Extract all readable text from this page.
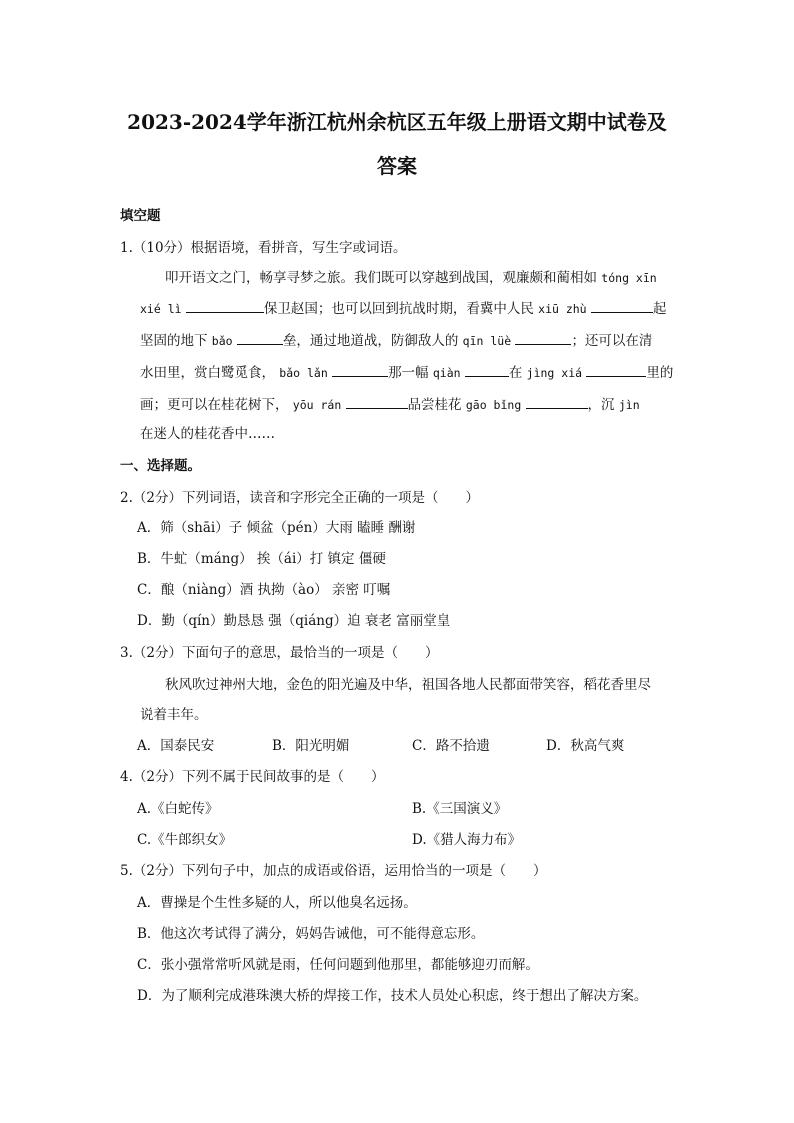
2023-2024学年浙江杭州余杭区五年级上册语文期中试卷及
答案
填空题
1.（10分）根据语境，看拼音，写生字或词语。
叩开语文之门，畅享寻梦之旅。我们既可以穿越到战国，观廉颇和蔺相如 tóng xīn
xié lì	保卫赵国；也可以回到抗战时期，看冀中人民 xiū zhù	起
坚固的地下 bǎo	垒，通过地道战，防御敌人的 qīn lüè	；还可以在清
水田里，赏白鹭觅食， bǎo lǎn	那一幅 qiàn	在 jìng xiá	里的
画；更可以在桂花树下， yōu rán	品尝桂花 gāo bǐng	，沉 jìn
在迷人的桂花香中……
一、选择题。
2.（2分）下列词语，读音和字形完全正确的一项是（　　）
A．筛（shāi）子 倾盆（pén）大雨 瞌睡 酬谢
B．牛虻（máng） 挨（ái）打 镇定 僵硬
C．酿（niàng）酒 执拗（ào） 亲密 叮嘱
D．勤（qín）勤恳恳 强（qiáng）迫 衰老 富丽堂皇
3.（2分）下面句子的意思，最恰当的一项是（　　）
秋风吹过神州大地，金色的阳光遍及中华，祖国各地人民都面带笑容，稻花香里尽
说着丰年。
A．国泰民安	B．阳光明媚	C．路不拾遗	D．秋高气爽
4.（2分）下列不属于民间故事的是（　　）
A.《白蛇传》	B.《三国演义》
C.《牛郎织女》	D.《猎人海力布》
5.（2分）下列句子中，加点的成语或俗语，运用恰当的一项是（　　）
A．曹操是个生性多疑的人，所以他臭名远扬。
B．他这次考试得了满分，妈妈告诫他，可不能得意忘形。
C．张小强常常听风就是雨，任何问题到他那里，都能够迎刃而解。
D．为了顺利完成港珠澳大桥的焊接工作，技术人员处心积虑，终于想出了解决方案。
